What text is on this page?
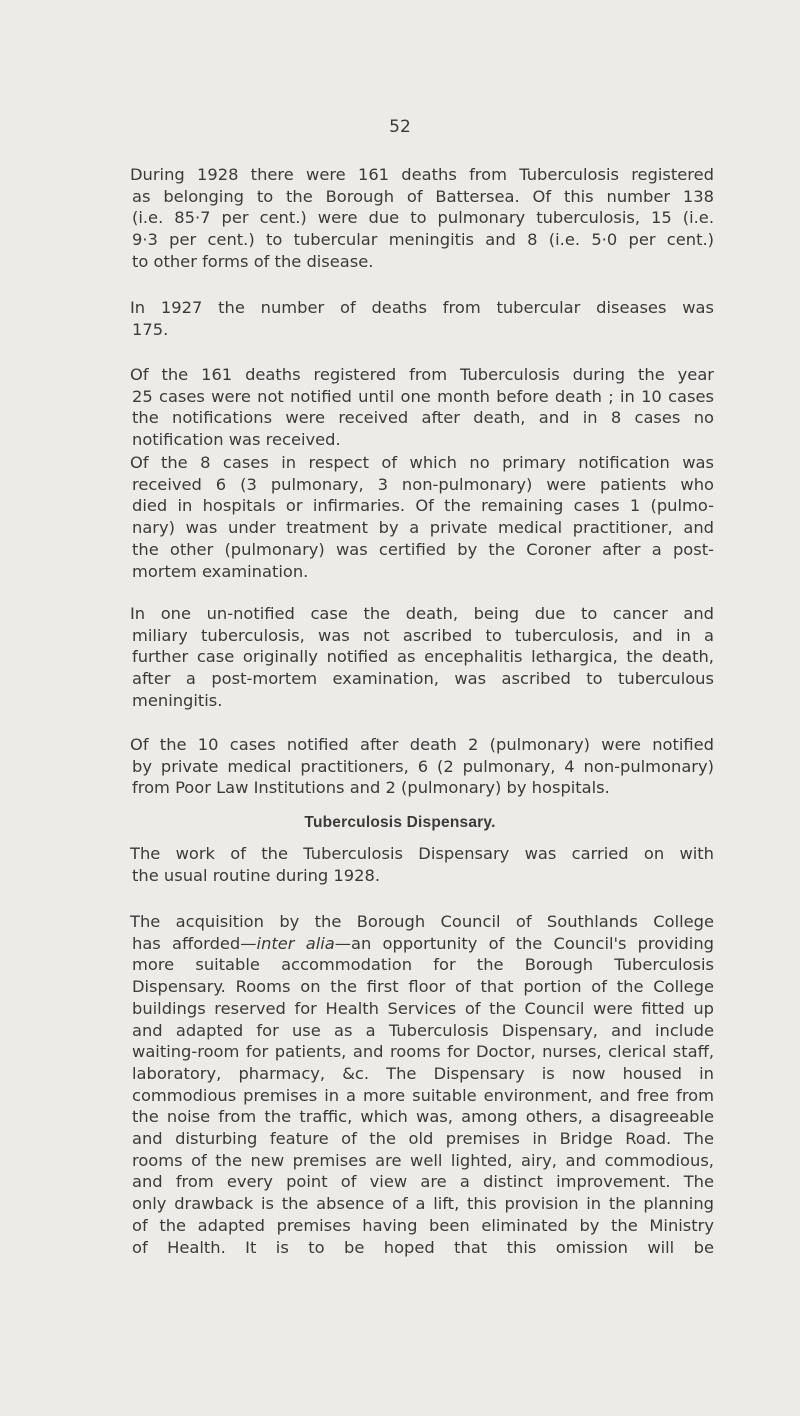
52
During 1928 there were 161 deaths from Tuberculosis registered
as belonging to the Borough of Battersea. Of this number 138
(i.e. 85·7 per cent.) were due to pulmonary tuberculosis, 15 (i.e.
9·3 per cent.) to tubercular meningitis and 8 (i.e. 5·0 per cent.)
to other forms of the disease.
In 1927 the number of deaths from tubercular diseases was
175.
Of the 161 deaths registered from Tuberculosis during the year
25 cases were not notified until one month before death ; in 10 cases
the notifications were received after death, and in 8 cases no
notification was received.
Of the 8 cases in respect of which no primary notification was
received 6 (3 pulmonary, 3 non-pulmonary) were patients who
died in hospitals or infirmaries. Of the remaining cases 1 (pulmo-
nary) was under treatment by a private medical practitioner, and
the other (pulmonary) was certified by the Coroner after a post-
mortem examination.
In one un-notified case the death, being due to cancer and
miliary tuberculosis, was not ascribed to tuberculosis, and in a
further case originally notified as encephalitis lethargica, the death,
after a post-mortem examination, was ascribed to tuberculous
meningitis.
Of the 10 cases notified after death 2 (pulmonary) were notified
by private medical practitioners, 6 (2 pulmonary, 4 non-pulmonary)
from Poor Law Institutions and 2 (pulmonary) by hospitals.
Tuberculosis Dispensary.
The work of the Tuberculosis Dispensary was carried on with
the usual routine during 1928.
The acquisition by the Borough Council of Southlands College
has afforded—inter alia—an opportunity of the Council's providing
more suitable accommodation for the Borough Tuberculosis
Dispensary. Rooms on the first floor of that portion of the College
buildings reserved for Health Services of the Council were fitted up
and adapted for use as a Tuberculosis Dispensary, and include
waiting-room for patients, and rooms for Doctor, nurses, clerical staff,
laboratory, pharmacy, &c. The Dispensary is now housed in
commodious premises in a more suitable environment, and free from
the noise from the traffic, which was, among others, a disagreeable
and disturbing feature of the old premises in Bridge Road. The
rooms of the new premises are well lighted, airy, and commodious,
and from every point of view are a distinct improvement. The
only drawback is the absence of a lift, this provision in the planning
of the adapted premises having been eliminated by the Ministry
of Health. It is to be hoped that this omission will be
